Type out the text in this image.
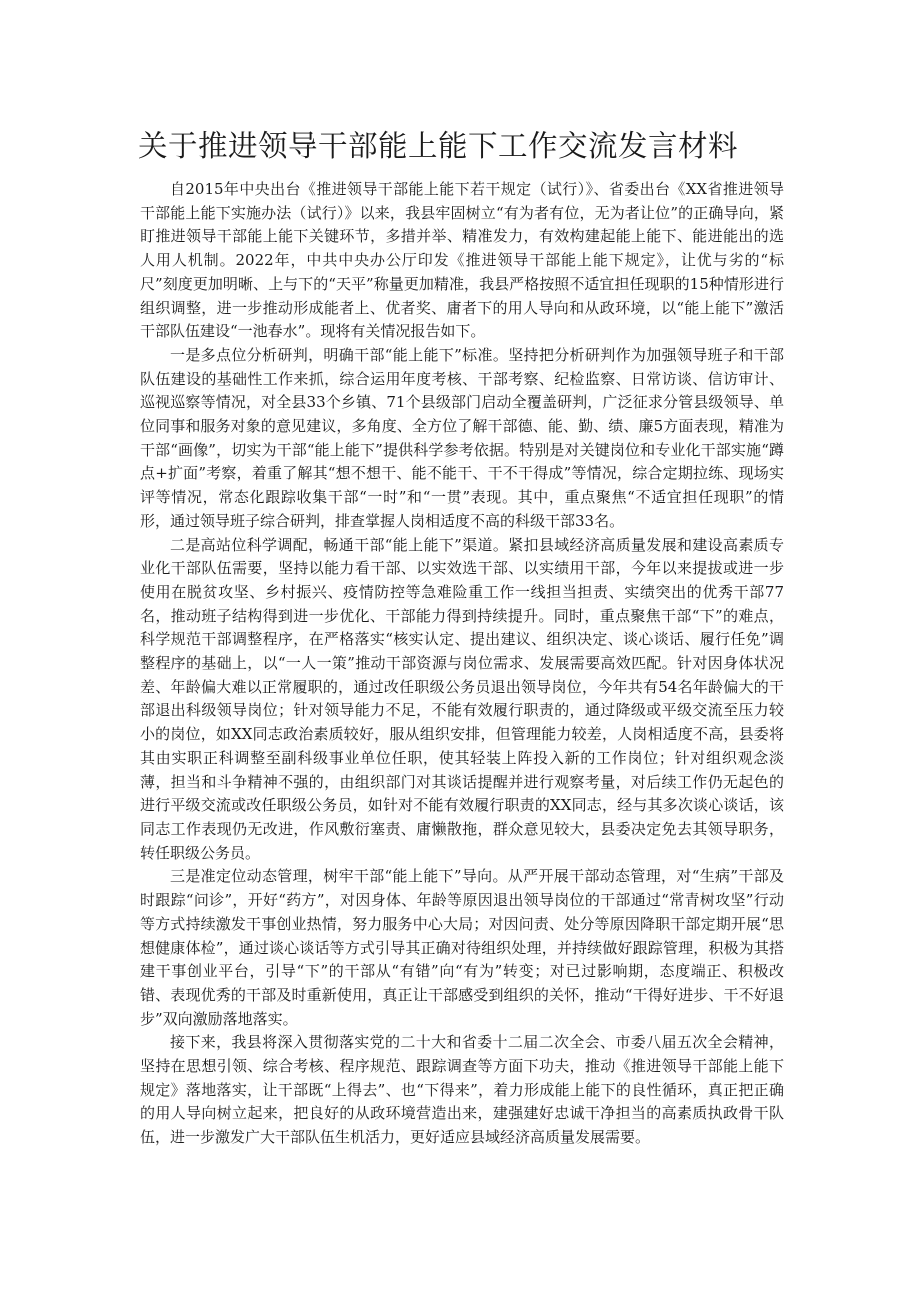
关于推进领导干部能上能下工作交流发言材料

自2015年中央出台《推进领导干部能上能下若干规定（试行）》、省委出台《XX省推进领导干部能上能下实施办法（试行）》以来，我县牢固树立“有为者有位，无为者让位”的正确导向，紧盯推进领导干部能上能下关键环节，多措并举、精准发力，有效构建起能上能下、能进能出的选人用人机制。2022年，中共中央办公厅印发《推进领导干部能上能下规定》，让优与劣的“标尺”刻度更加明晰、上与下的“天平”称量更加精准，我县严格按照不适宜担任现职的15种情形进行组织调整，进一步推动形成能者上、优者奖、庸者下的用人导向和从政环境，以“能上能下”激活干部队伍建设“一池春水”。现将有关情况报告如下。

一是多点位分析研判，明确干部“能上能下”标准。坚持把分析研判作为加强领导班子和干部队伍建设的基础性工作来抓，综合运用年度考核、干部考察、纪检监察、日常访谈、信访审计、巡视巡察等情况，对全县33个乡镇、71个县级部门启动全覆盖研判，广泛征求分管县级领导、单位同事和服务对象的意见建议，多角度、全方位了解干部德、能、勤、绩、廉5方面表现，精准为干部“画像”，切实为干部“能上能下”提供科学参考依据。特别是对关键岗位和专业化干部实施“蹲点+扩面”考察，着重了解其“想不想干、能不能干、干不干得成”等情况，综合定期拉练、现场实评等情况，常态化跟踪收集干部“一时”和“一贯”表现。其中，重点聚焦“不适宜担任现职”的情形，通过领导班子综合研判，排查掌握人岗相适度不高的科级干部33名。

二是高站位科学调配，畅通干部“能上能下”渠道。紧扣县域经济高质量发展和建设高素质专业化干部队伍需要，坚持以能力看干部、以实效选干部、以实绩用干部，今年以来提拔或进一步使用在脱贫攻坚、乡村振兴、疫情防控等急难险重工作一线担当担责、实绩突出的优秀干部77名，推动班子结构得到进一步优化、干部能力得到持续提升。同时，重点聚焦干部“下”的难点，科学规范干部调整程序，在严格落实“核实认定、提出建议、组织决定、谈心谈话、履行任免”调整程序的基础上，以“一人一策”推动干部资源与岗位需求、发展需要高效匹配。针对因身体状况差、年龄偏大难以正常履职的，通过改任职级公务员退出领导岗位，今年共有54名年龄偏大的干部退出科级领导岗位；针对领导能力不足，不能有效履行职责的，通过降级或平级交流至压力较小的岗位，如XX同志政治素质较好，服从组织安排，但管理能力较差，人岗相适度不高，县委将其由实职正科调整至副科级事业单位任职，使其轻装上阵投入新的工作岗位；针对组织观念淡薄，担当和斗争精神不强的，由组织部门对其谈话提醒并进行观察考量，对后续工作仍无起色的进行平级交流或改任职级公务员，如针对不能有效履行职责的XX同志，经与其多次谈心谈话，该同志工作表现仍无改进，作风敷衍塞责、庸懒散拖，群众意见较大，县委决定免去其领导职务，转任职级公务员。

三是准定位动态管理，树牢干部“能上能下”导向。从严开展干部动态管理，对“生病”干部及时跟踪“问诊”，开好“药方”，对因身体、年龄等原因退出领导岗位的干部通过“常青树攻坚”行动等方式持续激发干事创业热情，努力服务中心大局；对因问责、处分等原因降职干部定期开展“思想健康体检”，通过谈心谈话等方式引导其正确对待组织处理，并持续做好跟踪管理，积极为其搭建干事创业平台，引导“下”的干部从“有错”向“有为”转变；对已过影响期，态度端正、积极改错、表现优秀的干部及时重新使用，真正让干部感受到组织的关怀，推动“干得好进步、干不好退步”双向激励落地落实。

接下来，我县将深入贯彻落实党的二十大和省委十二届二次全会、市委八届五次全会精神，坚持在思想引领、综合考核、程序规范、跟踪调查等方面下功夫，推动《推进领导干部能上能下规定》落地落实，让干部既“上得去”、也“下得来”，着力形成能上能下的良性循环，真正把正确的用人导向树立起来，把良好的从政环境营造出来，建强建好忠诚干净担当的高素质执政骨干队伍，进一步激发广大干部队伍生机活力，更好适应县域经济高质量发展需要。
